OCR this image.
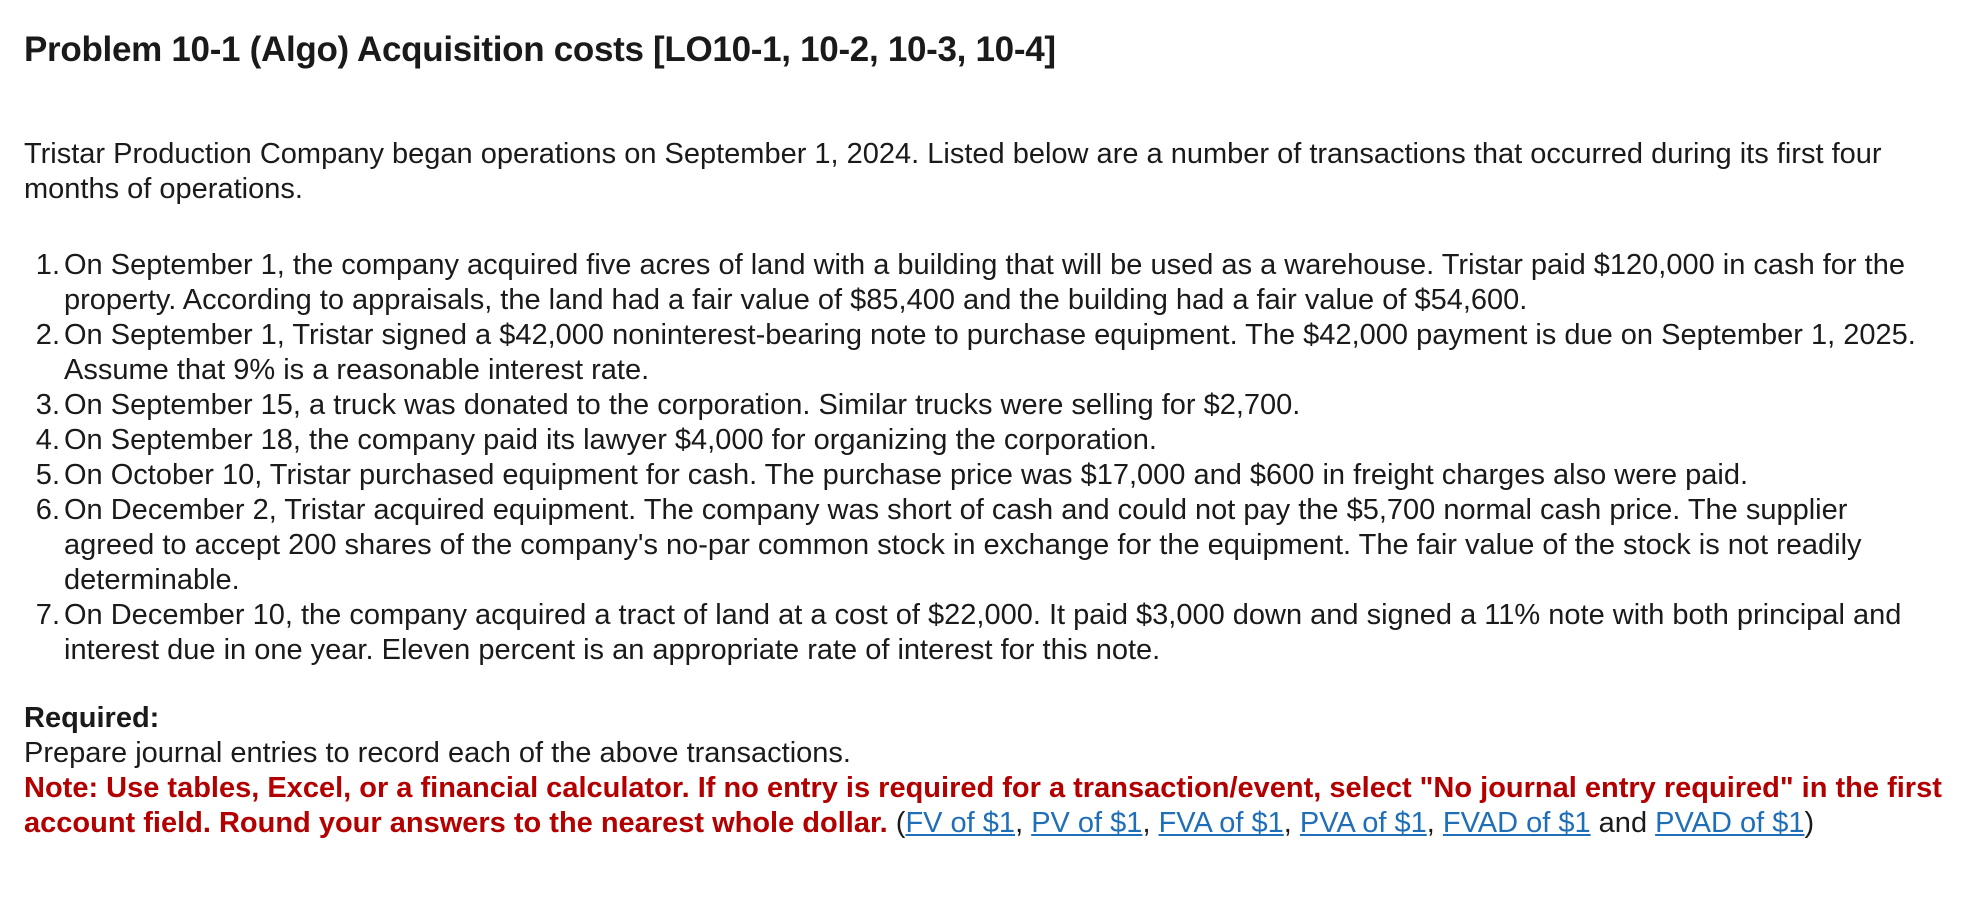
Problem 10-1 (Algo) Acquisition costs [LO10-1, 10-2, 10-3, 10-4]

Tristar Production Company began operations on September 1, 2024. Listed below are a number of transactions that occurred during its first four months of operations.

On September 1, the company acquired five acres of land with a building that will be used as a warehouse. Tristar paid $120,000 in cash for the property. According to appraisals, the land had a fair value of $85,400 and the building had a fair value of $54,600.
On September 1, Tristar signed a $42,000 noninterest-bearing note to purchase equipment. The $42,000 payment is due on September 1, 2025. Assume that 9% is a reasonable interest rate.
On September 15, a truck was donated to the corporation. Similar trucks were selling for $2,700.
On September 18, the company paid its lawyer $4,000 for organizing the corporation.
On October 10, Tristar purchased equipment for cash. The purchase price was $17,000 and $600 in freight charges also were paid.
On December 2, Tristar acquired equipment. The company was short of cash and could not pay the $5,700 normal cash price. The supplier agreed to accept 200 shares of the company's no-par common stock in exchange for the equipment. The fair value of the stock is not readily determinable.
On December 10, the company acquired a tract of land at a cost of $22,000. It paid $3,000 down and signed a 11% note with both principal and interest due in one year. Eleven percent is an appropriate rate of interest for this note.
Required:
Prepare journal entries to record each of the above transactions.
Note: Use tables, Excel, or a financial calculator. If no entry is required for a transaction/event, select "No journal entry required" in the first account field. Round your answers to the nearest whole dollar. (FV of $1, PV of $1, FVA of $1, PVA of $1, FVAD of $1 and PVAD of $1)
